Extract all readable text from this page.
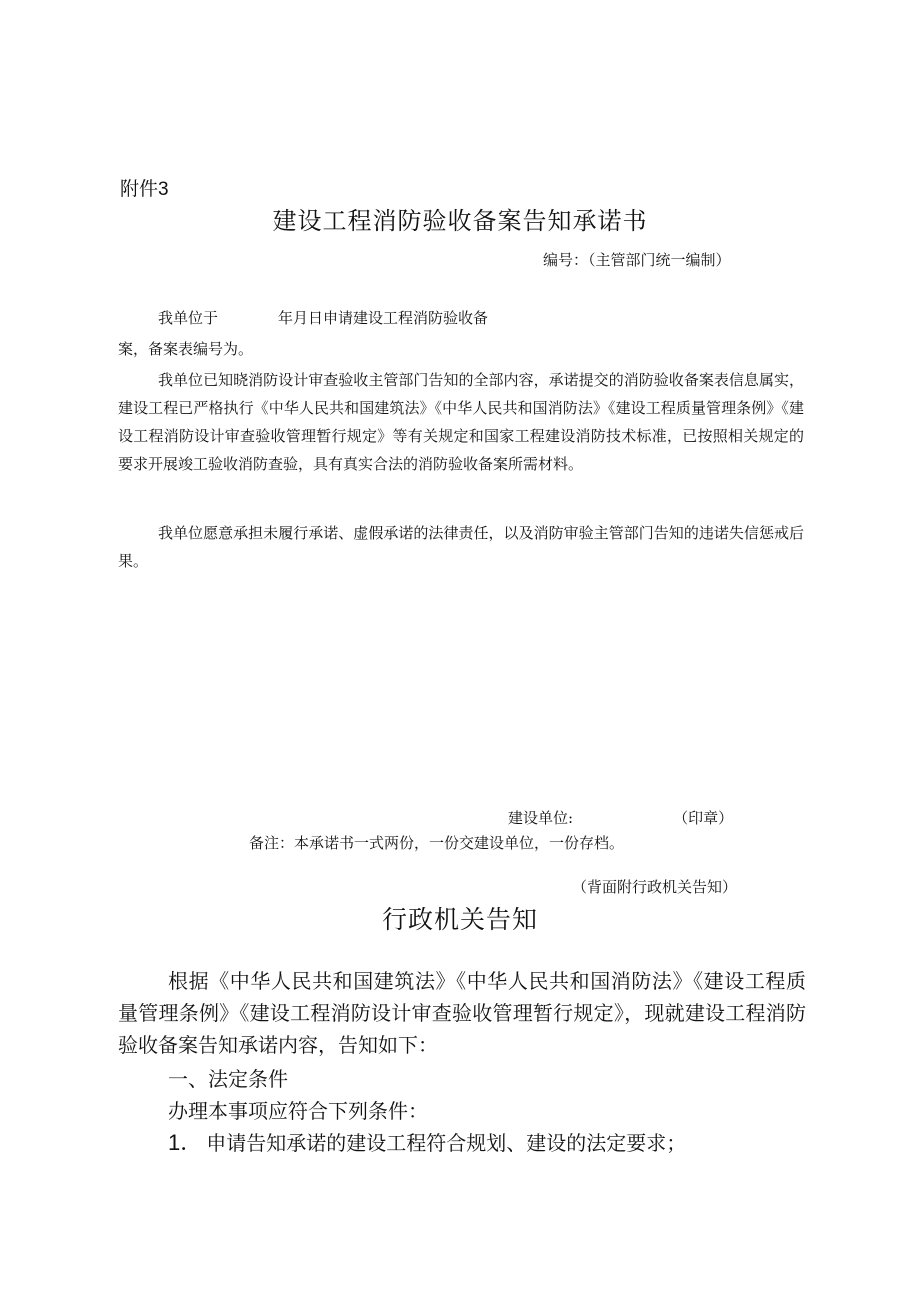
附件3
建设工程消防验收备案告知承诺书
编号：（主管部门统一编制）
我单位于	年月日申请建设工程消防验收备
案，备案表编号为。
我单位已知晓消防设计审查验收主管部门告知的全部内容，承诺提交的消防验收备案表信息属实，建设工程已严格执行《中华人民共和国建筑法》《中华人民共和国消防法》《建设工程质量管理条例》《建设工程消防设计审查验收管理暂行规定》等有关规定和国家工程建设消防技术标准，已按照相关规定的要求开展竣工验收消防查验，具有真实合法的消防验收备案所需材料。
我单位愿意承担未履行承诺、虚假承诺的法律责任，以及消防审验主管部门告知的违诺失信惩戒后果。
建设单位:	（印章）
备注：本承诺书一式两份，一份交建设单位，一份存档。
（背面附行政机关告知）
行政机关告知
根据《中华人民共和国建筑法》《中华人民共和国消防法》《建设工程质量管理条例》《建设工程消防设计审查验收管理暂行规定》，现就建设工程消防验收备案告知承诺内容，告知如下：
一、法定条件
办理本事项应符合下列条件：
1． 申请告知承诺的建设工程符合规划、建设的法定要求；
